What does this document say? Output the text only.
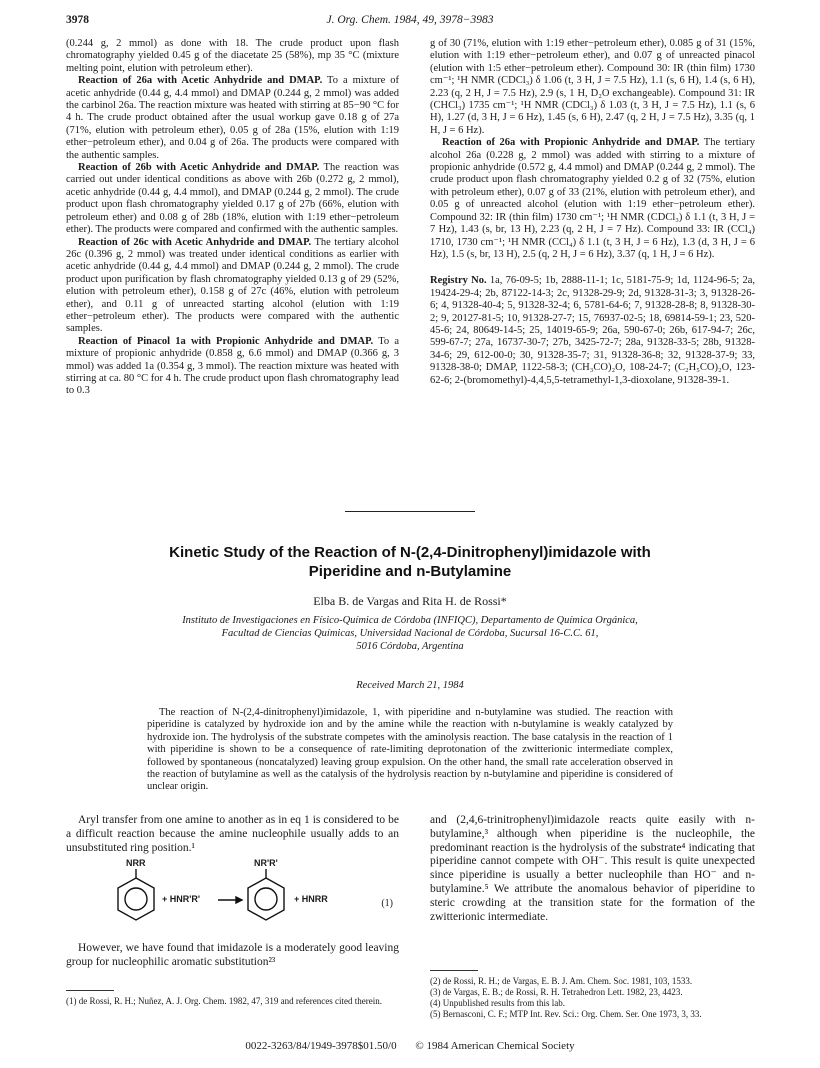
3978	J. Org. Chem. 1984, 49, 3978−3983

(0.244 g, 2 mmol) as done with 18. The crude product upon flash chromatography yielded 0.45 g of the diacetate 25 (58%), mp 35 °C (mixture melting point, elution with petroleum ether).

Reaction of 26a with Acetic Anhydride and DMAP. To a mixture of acetic anhydride (0.44 g, 4.4 mmol) and DMAP (0.244 g, 2 mmol) was added the carbinol 26a. The reaction mixture was heated with stirring at 85−90 °C for 4 h. The crude product obtained after the usual workup gave 0.18 g of 27a (71%, elution with petroleum ether), 0.05 g of 28a (15%, elution with 1:19 ether−petroleum ether), and 0.04 g of 26a. The products were compared with the authentic samples.

Reaction of 26b with Acetic Anhydride and DMAP. The reaction was carried out under identical conditions as above with 26b (0.272 g, 2 mmol), acetic anhydride (0.44 g, 4.4 mmol), and DMAP (0.244 g, 2 mmol). The crude product upon flash chromatography yielded 0.17 g of 27b (66%, elution with petroleum ether) and 0.08 g of 28b (18%, elution with 1:19 ether−petroleum ether). The products were compared and confirmed with the authentic samples.

Reaction of 26c with Acetic Anhydride and DMAP. The tertiary alcohol 26c (0.396 g, 2 mmol) was treated under identical conditions as earlier with acetic anhydride (0.44 g, 4.4 mmol) and DMAP (0.244 g, 2 mmol). The crude product upon purification by flash chromatography yielded 0.13 g of 29 (52%, elution with petroleum ether), 0.158 g of 27c (46%, elution with petroleum ether), and 0.11 g of unreacted starting alcohol (elution with 1:19 ether−petroleum ether). The products were compared with the authentic samples.

Reaction of Pinacol 1a with Propionic Anhydride and DMAP. To a mixture of propionic anhydride (0.858 g, 6.6 mmol) and DMAP (0.366 g, 3 mmol) was added 1a (0.354 g, 3 mmol). The reaction mixture was heated with stirring at ca. 80 °C for 4 h. The crude product upon flash chromatography lead to 0.3

g of 30 (71%, elution with 1:19 ether−petroleum ether), 0.085 g of 31 (15%, elution with 1:19 ether−petroleum ether), and 0.07 g of unreacted pinacol (elution with 1:5 ether−petroleum ether). Compound 30: IR (thin film) 1730 cm⁻¹; ¹H NMR (CDCl₃) δ 1.06 (t, 3 H, J = 7.5 Hz), 1.1 (s, 6 H), 1.4 (s, 6 H), 2.23 (q, 2 H, J = 7.5 Hz), 2.9 (s, 1 H, D₂O exchangeable). Compound 31: IR (CHCl₃) 1735 cm⁻¹; ¹H NMR (CDCl₃) δ 1.03 (t, 3 H, J = 7.5 Hz), 1.1 (s, 6 H), 1.27 (d, 3 H, J = 6 Hz), 1.45 (s, 6 H), 2.47 (q, 2 H, J = 7.5 Hz), 3.35 (q, 1 H, J = 6 Hz).

Reaction of 26a with Propionic Anhydride and DMAP. The tertiary alcohol 26a (0.228 g, 2 mmol) was added with stirring to a mixture of propionic anhydride (0.572 g, 4.4 mmol) and DMAP (0.244 g, 2 mmol). The crude product upon flash chromatography yielded 0.2 g of 32 (75%, elution with petroleum ether), 0.07 g of 33 (21%, elution with petroleum ether), and 0.05 g of unreacted alcohol (elution with 1:19 ether−petroleum ether). Compound 32: IR (thin film) 1730 cm⁻¹; ¹H NMR (CDCl₃) δ 1.1 (t, 3 H, J = 7 Hz), 1.43 (s, br, 13 H), 2.23 (q, 2 H, J = 7 Hz). Compound 33: IR (CCl₄) 1710, 1730 cm⁻¹; ¹H NMR (CCl₄) δ 1.1 (t, 3 H, J = 6 Hz), 1.3 (d, 3 H, J = 6 Hz), 1.5 (s, br, 13 H), 2.5 (q, 2 H, J = 6 Hz), 3.37 (q, 1 H, J = 6 Hz).

Registry No. 1a, 76-09-5; 1b, 2888-11-1; 1c, 5181-75-9; 1d, 1124-96-5; 2a, 19424-29-4; 2b, 87122-14-3; 2c, 91328-29-9; 2d, 91328-31-3; 3, 91328-26-6; 4, 91328-40-4; 5, 91328-32-4; 6, 5781-64-6; 7, 91328-28-8; 8, 91328-30-2; 9, 20127-81-5; 10, 91328-27-7; 15, 76937-02-5; 18, 69814-59-1; 23, 520-45-6; 24, 80649-14-5; 25, 14019-65-9; 26a, 590-67-0; 26b, 617-94-7; 26c, 599-67-7; 27a, 16737-30-7; 27b, 3425-72-7; 28a, 91328-33-5; 28b, 91328-34-6; 29, 612-00-0; 30, 91328-35-7; 31, 91328-36-8; 32, 91328-37-9; 33, 91328-38-0; DMAP, 1122-58-3; (CH₃CO)₂O, 108-24-7; (C₂H₅CO)₂O, 123-62-6; 2-(bromomethyl)-4,4,5,5-tetramethyl-1,3-dioxolane, 91328-39-1.

Kinetic Study of the Reaction of N-(2,4-Dinitrophenyl)imidazole with
Piperidine and n-Butylamine
Elba B. de Vargas and Rita H. de Rossi*
Instituto de Investigaciones en Físico-Química de Córdoba (INFIQC), Departamento de Química Orgánica,
Facultad de Ciencias Químicas, Universidad Nacional de Córdoba, Sucursal 16-C.C. 61,
5016 Córdoba, Argentina
Received March 21, 1984

The reaction of N-(2,4-dinitrophenyl)imidazole, 1, with piperidine and n-butylamine was studied. The reaction with piperidine is catalyzed by hydroxide ion and by the amine while the reaction with n-butylamine is weakly catalyzed by hydroxide ion. The hydrolysis of the substrate competes with the aminolysis reaction. The base catalysis in the reaction of 1 with piperidine is shown to be a consequence of rate-limiting deprotonation of the zwitterionic intermediate complex, followed by spontaneous (noncatalyzed) leaving group expulsion. On the other hand, the small rate acceleration observed in the reaction of butylamine as well as the catalysis of the hydrolysis reaction by n-butylamine and piperidine is considered of unclear origin.

Aryl transfer from one amine to another as in eq 1 is considered to be a difficult reaction because the amine nucleophile usually adds to an unsubstituted ring position.¹

NRR
+ HNR'R'
NR'R'
+ HNRR	(1)

However, we have found that imidazole is a moderately good leaving group for nucleophilic aromatic substitution²³

and (2,4,6-trinitrophenyl)imidazole reacts quite easily with n-butylamine,³ although when piperidine is the nucleophile, the predominant reaction is the hydrolysis of the substrate⁴ indicating that piperidine cannot compete with OH⁻. This result is quite unexpected since piperidine is usually a better nucleophile than HO⁻ and n-butylamine.⁵ We attribute the anomalous behavior of piperidine to steric crowding at the transition state for the formation of the zwitterionic intermediate.

(1) de Rossi, R. H.; Nuñez, A. J. Org. Chem. 1982, 47, 319 and references cited therein.

(2) de Rossi, R. H.; de Vargas, E. B. J. Am. Chem. Soc. 1981, 103, 1533.

(3) de Vargas, E. B.; de Rossi, R. H. Tetrahedron Lett. 1982, 23, 4423.

(4) Unpublished results from this lab.

(5) Bernasconi, C. F.; MTP Int. Rev. Sci.: Org. Chem. Ser. One 1973, 3, 33.

0022-3263/84/1949-3978$01.50/0 © 1984 American Chemical Society
